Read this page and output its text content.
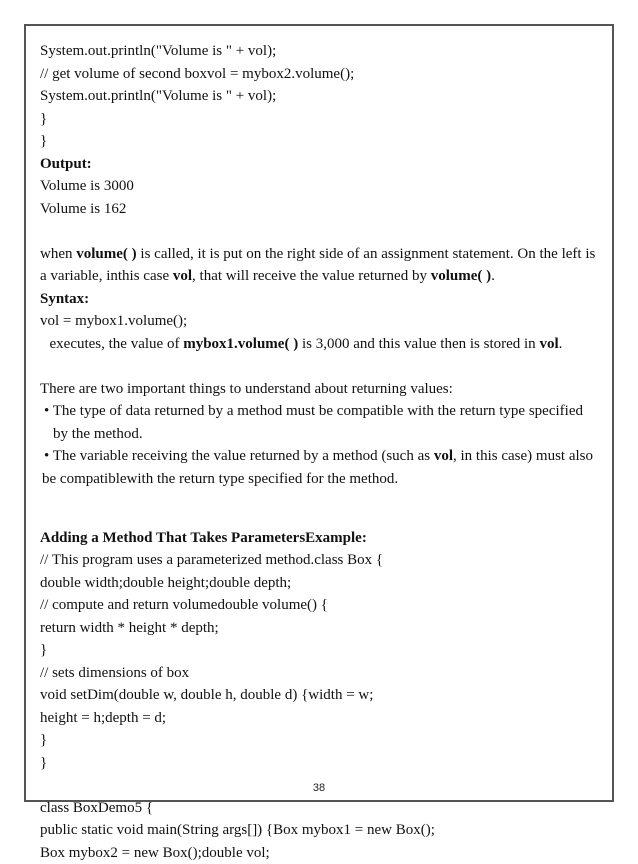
System.out.println("Volume is " + vol);
// get volume of second boxvol = mybox2.volume();
System.out.println("Volume is " + vol);
}
}
Output:
Volume is 3000
Volume is 162
when volume( ) is called, it is put on the right side of an assignment statement. On the left is
a variable, inthis case vol, that will receive the value returned by volume( ).
Syntax:
vol = mybox1.volume();
executes, the value of mybox1.volume( ) is 3,000 and this value then is stored in vol.
There are two important things to understand about returning values:
• The type of data returned by a method must be compatible with the return type specified
by the method.
• The variable receiving the value returned by a method (such as vol, in this case) must also
be compatiblewith the return type specified for the method.
Adding a Method That Takes ParametersExample:
// This program uses a parameterized method.class Box {
double width;double height;double depth;
// compute and return volumedouble volume() {
return width * height * depth;
}
// sets dimensions of box
void setDim(double w, double h, double d) {width = w;
height = h;depth = d;
}
}
class BoxDemo5 {
public static void main(String args[]) {Box mybox1 = new Box();
Box mybox2 = new Box();double vol;
38
